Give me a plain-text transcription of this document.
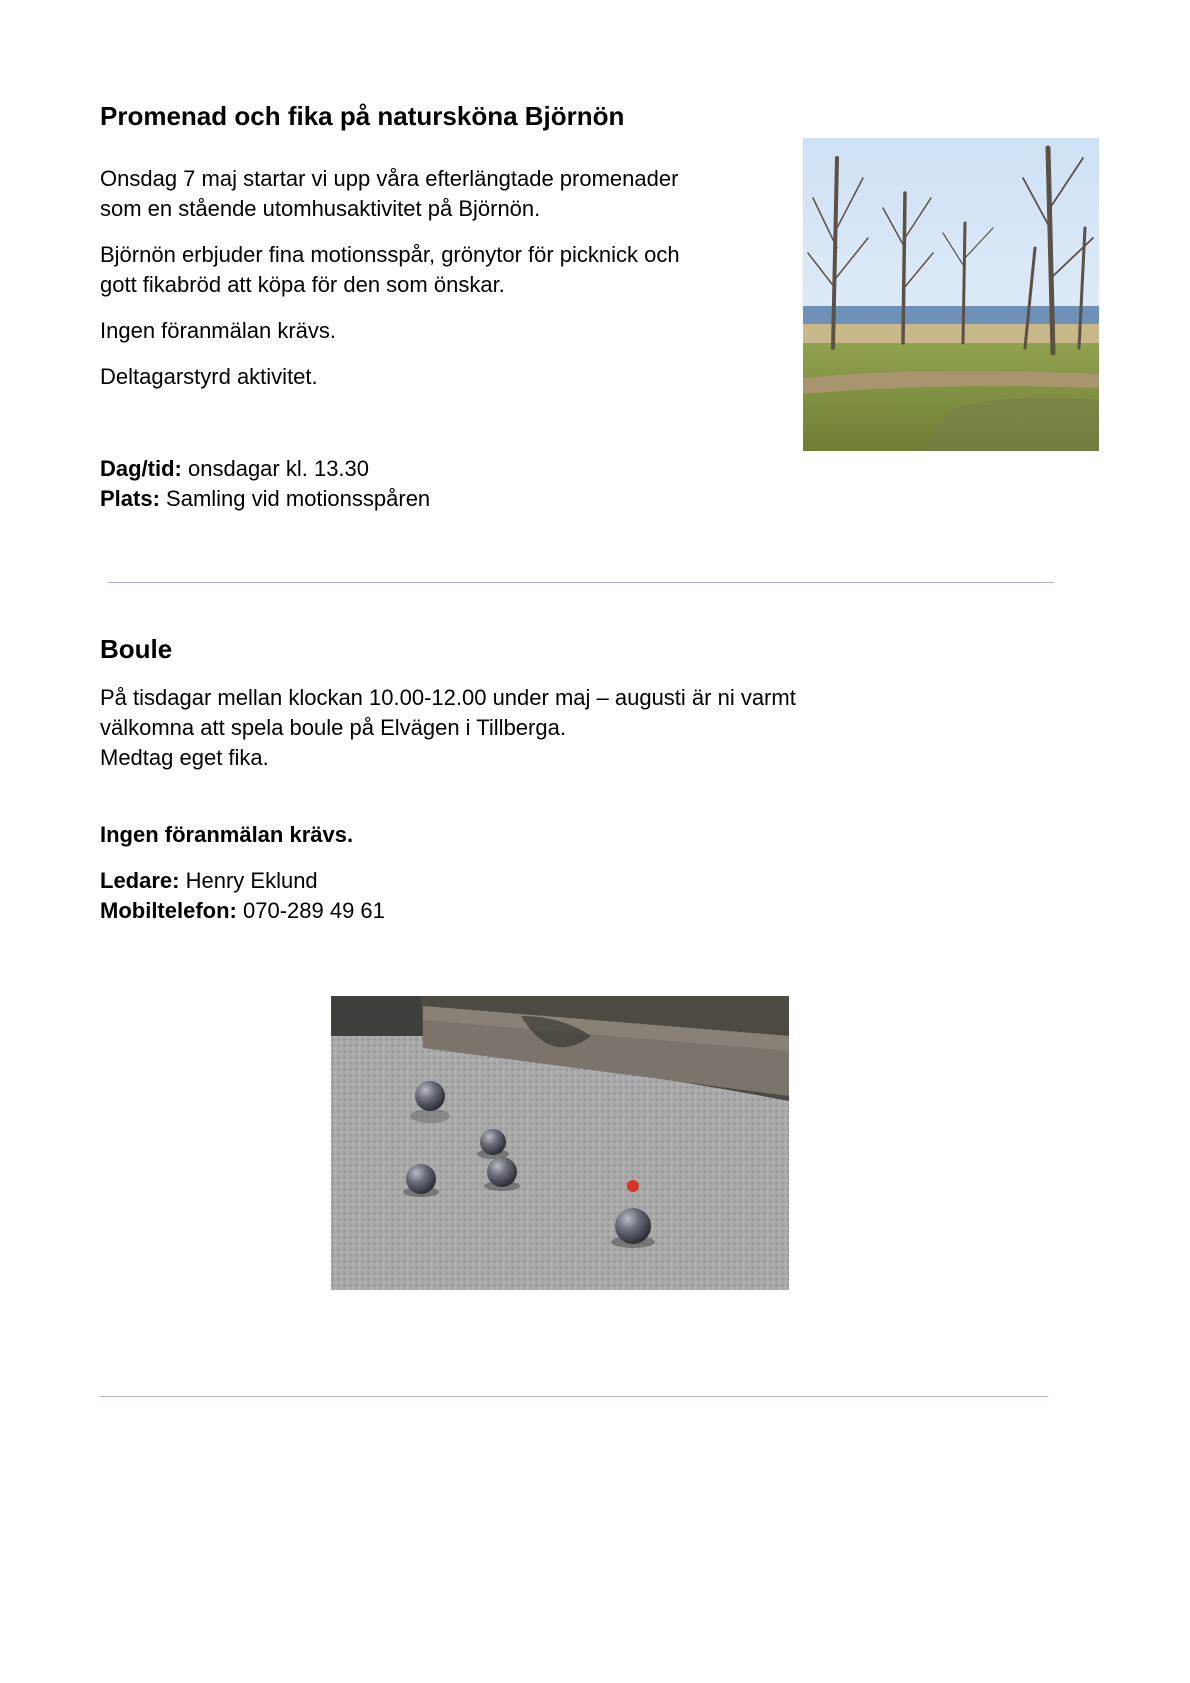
Promenad och fika på natursköna Björnön

Onsdag 7 maj startar vi upp våra efterlängtade promenader

som en stående utomhusaktivitet på Björnön.

Björnön erbjuder fina motionsspår, grönytor för picknick och

gott fikabröd att köpa för den som önskar.

Ingen föranmälan krävs.

Deltagarstyrd aktivitet.

Dag/tid: onsdagar kl. 13.30

Plats: Samling vid motionsspåren

Boule

På tisdagar mellan klockan 10.00-12.00 under maj – augusti är ni varmt

välkomna att spela boule på Elvägen i Tillberga.

Medtag eget fika.

Ingen föranmälan krävs.

Ledare: Henry Eklund

Mobiltelefon: 070-289 49 61
